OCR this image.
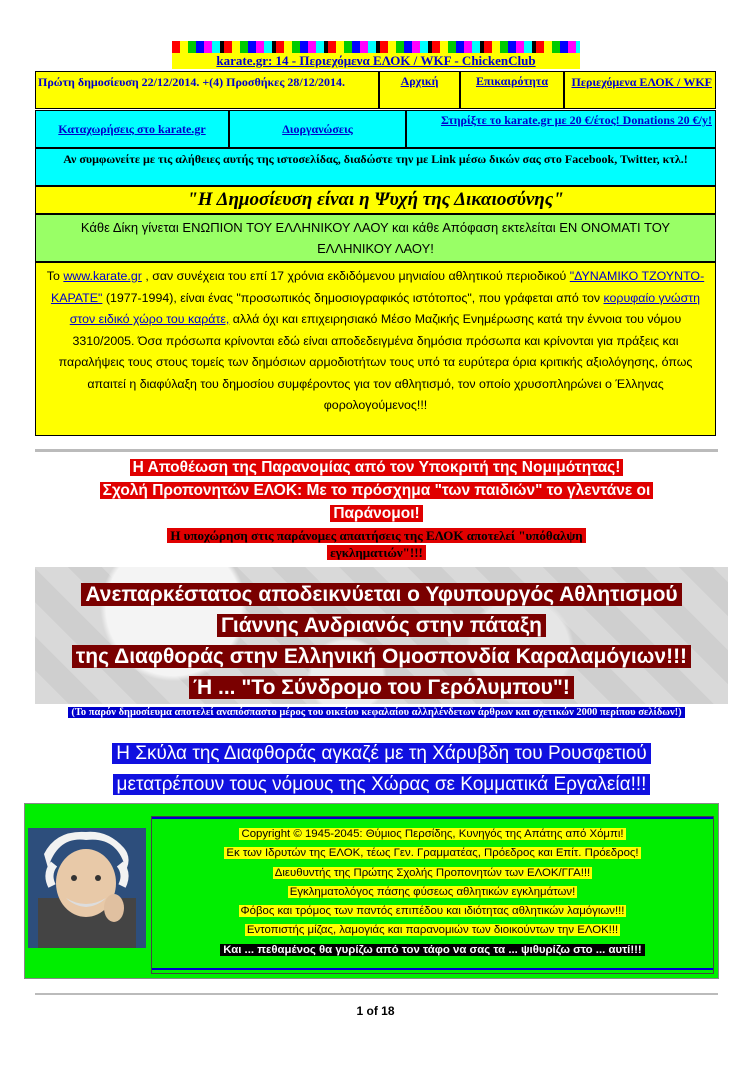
karate.gr: 14 - Περιεχόμενα ΕΛΟΚ / WKF - ChickenClub
Πρώτη δημοσίευση 22/12/2014. +(4) Προσθήκες 28/12/2014.	Αρχική	Επικαιρότητα	Περιεχόμενα ΕΛΟΚ / WKF
Καταχωρήσεις στο karate.gr	Διοργανώσεις
Στηρίξτε το karate.gr με 20 €/έτος! Donations 20 €/y!
Αν συμφωνείτε με τις αλήθειες αυτής της ιστοσελίδας, διαδώστε την με Link μέσω δικών σας στο Facebook, Twitter, κτλ.!
"Η Δημοσίευση είναι η Ψυχή της Δικαιοσύνης"
Κάθε Δίκη γίνεται ΕΝΩΠΙΟΝ ΤΟΥ ΕΛΛΗΝΙΚΟΥ ΛΑΟΥ και κάθε Απόφαση εκτελείται ΕΝ ΟΝΟΜΑΤΙ ΤΟΥ ΕΛΛΗΝΙΚΟΥ ΛΑΟΥ!
Το www.karate.gr , σαν συνέχεια του επί 17 χρόνια εκδιδόμενου μηνιαίου αθλητικού περιοδικού "ΔΥΝΑΜΙΚΟ ΤΖΟΥΝΤΟ-ΚΑΡΑΤΕ" (1977-1994), είναι ένας "προσωπικός δημοσιογραφικός ιστότοπος", που γράφεται από τον κορυφαίο γνώστη στον ειδικό χώρο του καράτε, αλλά όχι και επιχειρησιακό Μέσο Μαζικής Ενημέρωσης κατά την έννοια του νόμου 3310/2005. Όσα πρόσωπα κρίνονται εδώ είναι αποδεδειγμένα δημόσια πρόσωπα και κρίνονται για πράξεις και παραλήψεις τους στους τομείς των δημόσιων αρμοδιοτήτων τους υπό τα ευρύτερα όρια κριτικής αξιολόγησης, όπως απαιτεί η διαφύλαξη του δημοσίου συμφέροντος για τον αθλητισμό, τον οποίο χρυσοπληρώνει ο Έλληνας φορολογούμενος!!!
Η Αποθέωση της Παρανομίας από τον Υποκριτή της Νομιμότητας!
Σχολή Προπονητών ΕΛΟΚ: Με το πρόσχημα "των παιδιών" το γλεντάνε οι
Παράνομοι!
Η υποχώρηση στις παράνομες απαιτήσεις της ΕΛΟΚ αποτελεί "υπόθαλψη
εγκληματιών"!!!
Ανεπαρκέστατος αποδεικνύεται ο Υφυπουργός Αθλητισμού
Γιάννης Ανδριανός στην πάταξη
της Διαφθοράς στην Ελληνική Ομοσπονδία Καραλαμόγιων!!!
Ή ... "Το Σύνδρομο του Γερόλυμπου"!
(Το παρόν δημοσίευμα αποτελεί αναπόσπαστο μέρος του οικείου κεφαλαίου αλληλένδετων άρθρων και σχετικών 2000 περίπου σελίδων!)
Η Σκύλα της Διαφθοράς αγκαζέ με τη Χάρυβδη του Ρουσφετιού
μετατρέπουν τους νόμους της Χώρας σε Κομματικά Εργαλεία!!!
Copyright © 1945-2045: Θύμιος Περσίδης, Κυνηγός της Απάτης από Χόμπι!
Εκ των Ιδρυτών της ΕΛΟΚ, τέως Γεν. Γραμματέας, Πρόεδρος και Επίτ. Πρόεδρος!
Διευθυντής της Πρώτης Σχολής Προπονητών των ΕΛΟΚ/ΓΓΑ!!!
Εγκληματολόγος πάσης φύσεως αθλητικών εγκλημάτων!
Φόβος και τρόμος των παντός επιπέδου και ιδιότητας αθλητικών λαμόγιων!!!
Εντοπιστής μίζας, λαμογιάς και παρανομιών των διοικούντων την ΕΛΟΚ!!!
Και ... πεθαμένος θα γυρίζω από τον τάφο να σας τα ... ψιθυρίζω στο ... αυτί!!!
1 of 18
